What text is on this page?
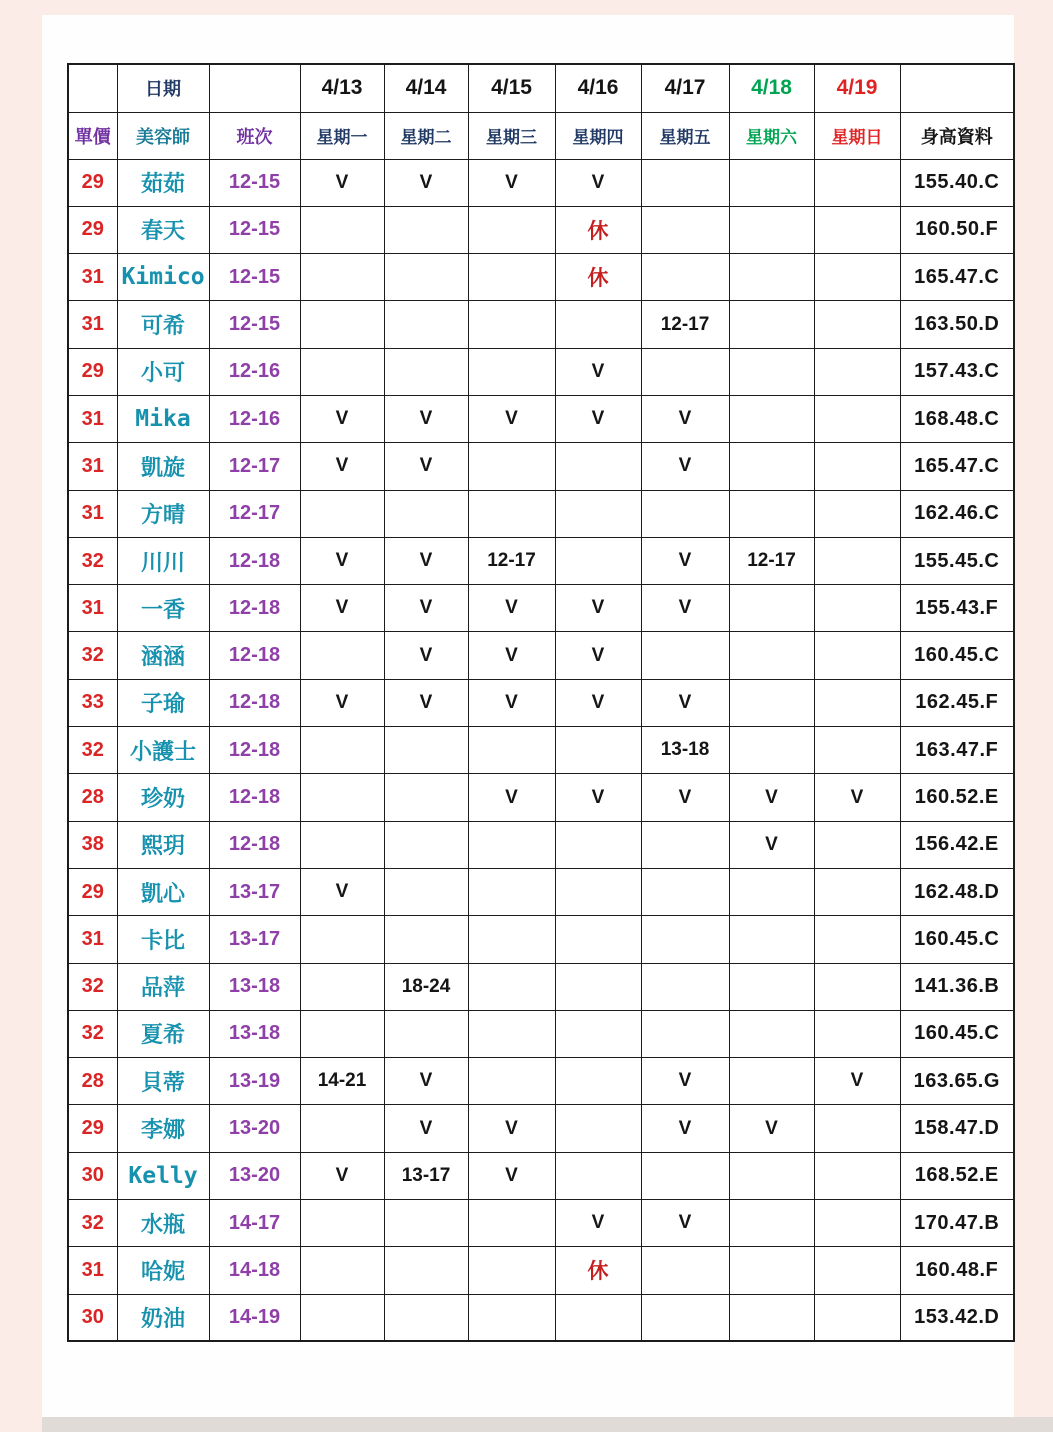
	日期		4/13	4/14	4/15	4/16	4/17	4/18	4/19	
單價	美容師	班次	星期一	星期二	星期三	星期四	星期五	星期六	星期日	身高資料
29	茹茹	12-15	V	V	V	V				155.40.C
29	春天	12-15				休				160.50.F
31	Kimico	12-15				休				165.47.C
31	可希	12-15					12-17			163.50.D
29	小可	12-16				V				157.43.C
31	Mika	12-16	V	V	V	V	V			168.48.C
31	凱旋	12-17	V	V			V			165.47.C
31	方晴	12-17								162.46.C
32	川川	12-18	V	V	12-17		V	12-17		155.45.C
31	一香	12-18	V	V	V	V	V			155.43.F
32	涵涵	12-18		V	V	V				160.45.C
33	子瑜	12-18	V	V	V	V	V			162.45.F
32	小護士	12-18					13-18			163.47.F
28	珍奶	12-18			V	V	V	V	V	160.52.E
38	熙玥	12-18						V		156.42.E
29	凱心	13-17	V							162.48.D
31	卡比	13-17								160.45.C
32	品萍	13-18		18-24						141.36.B
32	夏希	13-18								160.45.C
28	貝蒂	13-19	14-21	V			V		V	163.65.G
29	李娜	13-20		V	V		V	V		158.47.D
30	Kelly	13-20	V	13-17	V					168.52.E
32	水瓶	14-17				V	V			170.47.B
31	哈妮	14-18				休				160.48.F
30	奶油	14-19								153.42.D
